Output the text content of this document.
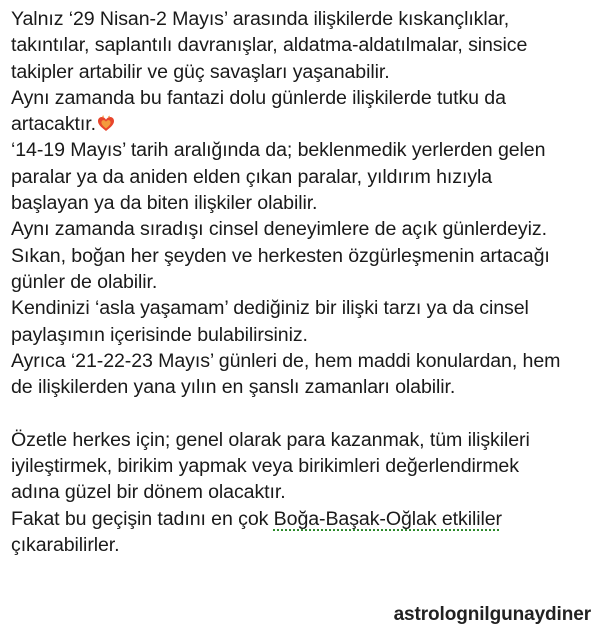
Yalnız ‘29 Nisan-2 Mayıs’ arasında ilişkilerde kıskançlıklar,
takıntılar, saplantılı davranışlar, aldatma-aldatılmalar, sinsice
takipler artabilir ve güç savaşları yaşanabilir.
Aynı zamanda bu fantazi dolu günlerde ilişkilerde tutku da
artacaktır.
‘14-19 Mayıs’ tarih aralığında da; beklenmedik yerlerden gelen
paralar ya da aniden elden çıkan paralar, yıldırım hızıyla
başlayan ya da biten ilişkiler olabilir.
Aynı zamanda sıradışı cinsel deneyimlere de açık günlerdeyiz.
Sıkan, boğan her şeyden ve herkesten özgürleşmenin artacağı
günler de olabilir.
Kendinizi ‘asla yaşamam’ dediğiniz bir ilişki tarzı ya da cinsel
paylaşımın içerisinde bulabilirsiniz.
Ayrıca ‘21-22-23 Mayıs’ günleri de, hem maddi konulardan, hem
de ilişkilerden yana yılın en şanslı zamanları olabilir.
Özetle herkes için; genel olarak para kazanmak, tüm ilişkileri
iyileştirmek, birikim yapmak veya birikimleri değerlendirmek
adına güzel bir dönem olacaktır.
Fakat bu geçişin tadını en çok Boğa-Başak-Oğlak etkililer
çıkarabilirler.
astrolognilgunaydiner
